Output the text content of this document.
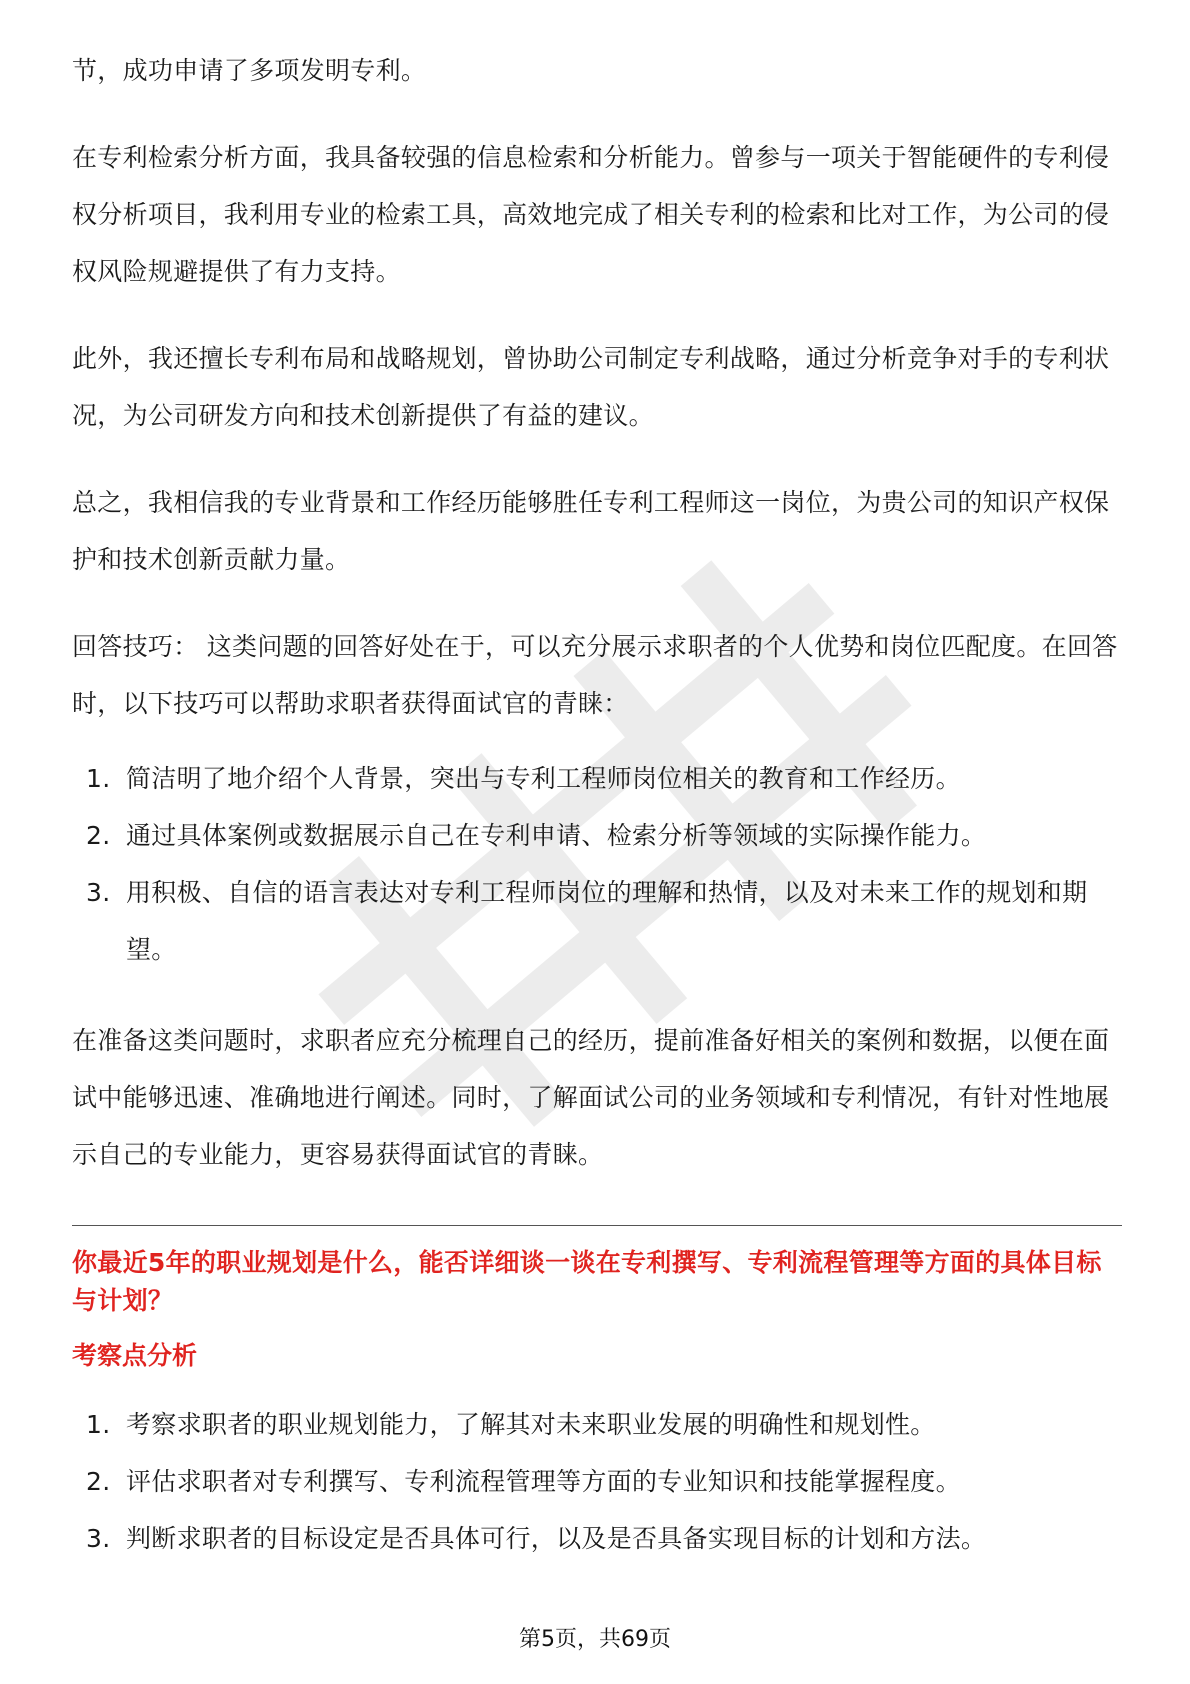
节，成功申请了多项发明专利。

在专利检索分析方面，我具备较强的信息检索和分析能力。曾参与一项关于智能硬件的专利侵权分析项目，我利用专业的检索工具，高效地完成了相关专利的检索和比对工作，为公司的侵权风险规避提供了有力支持。

此外，我还擅长专利布局和战略规划，曾协助公司制定专利战略，通过分析竞争对手的专利状况，为公司研发方向和技术创新提供了有益的建议。

总之，我相信我的专业背景和工作经历能够胜任专利工程师这一岗位，为贵公司的知识产权保护和技术创新贡献力量。

回答技巧： 这类问题的回答好处在于，可以充分展示求职者的个人优势和岗位匹配度。在回答时，以下技巧可以帮助求职者获得面试官的青睐：

1. 简洁明了地介绍个人背景，突出与专利工程师岗位相关的教育和工作经历。
2. 通过具体案例或数据展示自己在专利申请、检索分析等领域的实际操作能力。
3. 用积极、自信的语言表达对专利工程师岗位的理解和热情，以及对未来工作的规划和期望。

在准备这类问题时，求职者应充分梳理自己的经历，提前准备好相关的案例和数据，以便在面试中能够迅速、准确地进行阐述。同时，了解面试公司的业务领域和专利情况，有针对性地展示自己的专业能力，更容易获得面试官的青睐。

你最近5年的职业规划是什么，能否详细谈一谈在专利撰写、专利流程管理等方面的具体目标与计划？

考察点分析

1. 考察求职者的职业规划能力，了解其对未来职业发展的明确性和规划性。
2. 评估求职者对专利撰写、专利流程管理等方面的专业知识和技能掌握程度。
3. 判断求职者的目标设定是否具体可行，以及是否具备实现目标的计划和方法。
第5页，共69页
